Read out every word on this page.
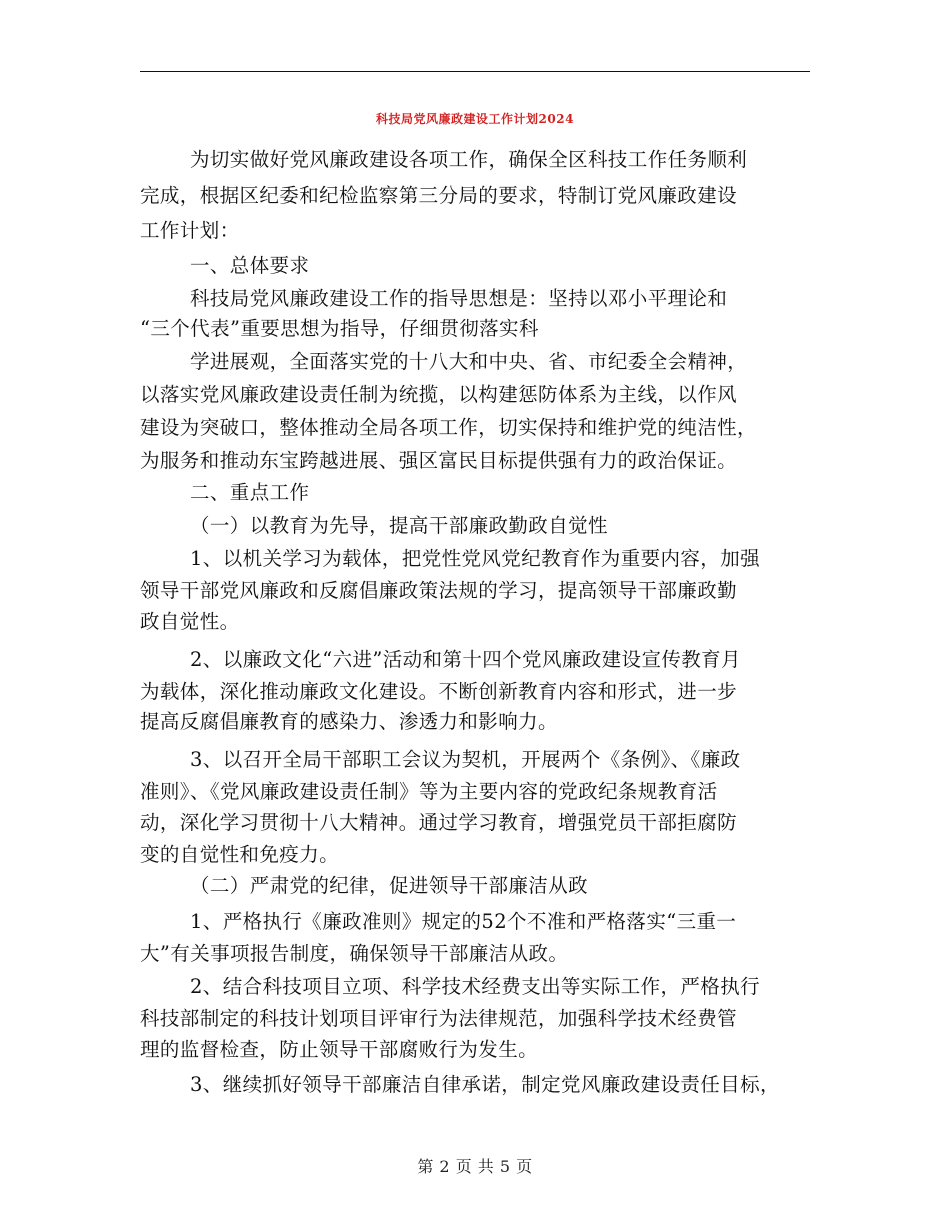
科技局党风廉政建设工作计划2024
为切实做好党风廉政建设各项工作，确保全区科技工作任务顺利
完成，根据区纪委和纪检监察第三分局的要求，特制订党风廉政建设
工作计划：
一、总体要求
科技局党风廉政建设工作的指导思想是：坚持以邓小平理论和
“三个代表”重要思想为指导，仔细贯彻落实科
学进展观，全面落实党的十八大和中央、省、市纪委全会精神，
以落实党风廉政建设责任制为统揽，以构建惩防体系为主线，以作风
建设为突破口，整体推动全局各项工作，切实保持和维护党的纯洁性，
为服务和推动东宝跨越进展、强区富民目标提供强有力的政治保证。
二、重点工作
（一）以教育为先导，提高干部廉政勤政自觉性
1、以机关学习为载体，把党性党风党纪教育作为重要内容，加强
领导干部党风廉政和反腐倡廉政策法规的学习，提高领导干部廉政勤
政自觉性。
2、以廉政文化“六进”活动和第十四个党风廉政建设宣传教育月
为载体，深化推动廉政文化建设。不断创新教育内容和形式，进一步
提高反腐倡廉教育的感染力、渗透力和影响力。
3、以召开全局干部职工会议为契机，开展两个《条例》、《廉政
准则》、《党风廉政建设责任制》等为主要内容的党政纪条规教育活
动，深化学习贯彻十八大精神。通过学习教育，增强党员干部拒腐防
变的自觉性和免疫力。
（二）严肃党的纪律，促进领导干部廉洁从政
1、严格执行《廉政准则》规定的52个不准和严格落实“三重一
大”有关事项报告制度，确保领导干部廉洁从政。
2、结合科技项目立项、科学技术经费支出等实际工作，严格执行
科技部制定的科技计划项目评审行为法律规范，加强科学技术经费管
理的监督检查，防止领导干部腐败行为发生。
3、继续抓好领导干部廉洁自律承诺，制定党风廉政建设责任目标，
第 2 页 共 5 页
